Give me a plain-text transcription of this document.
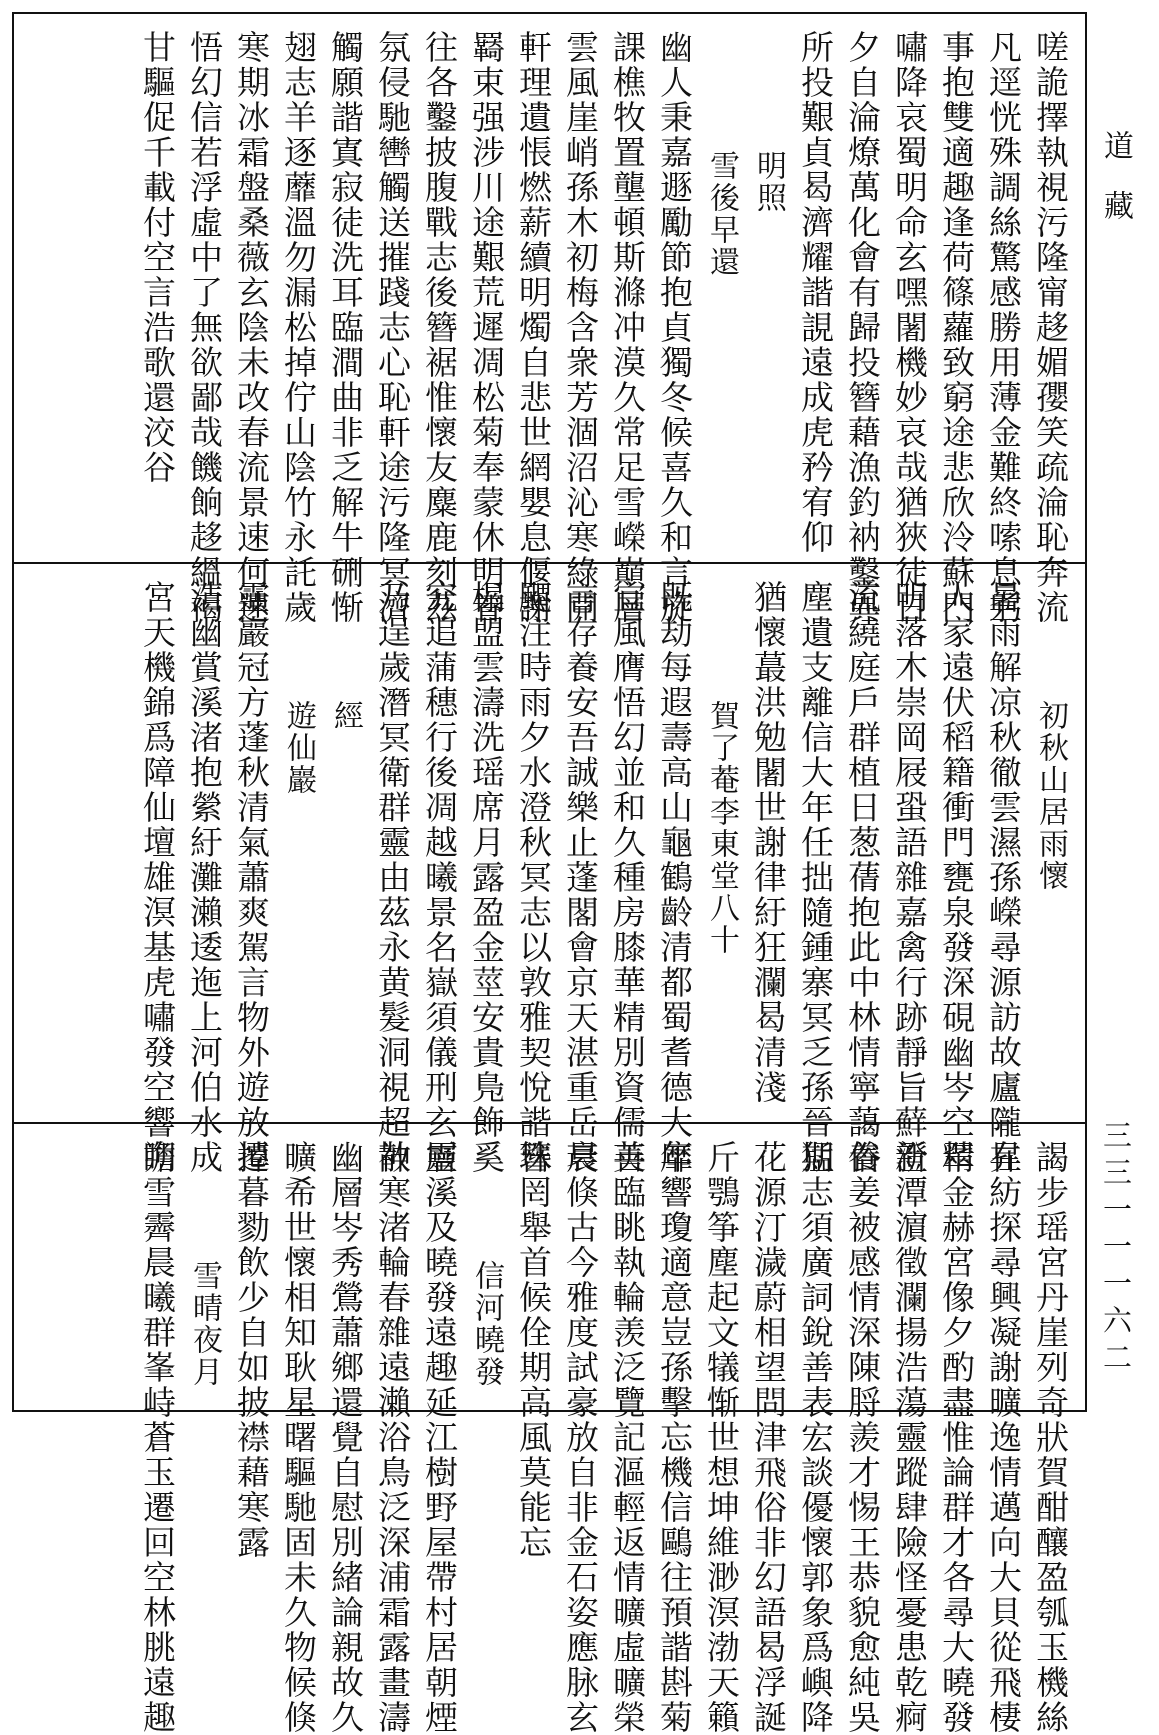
嗟詭擇執視污隆甯趍媚孾笑疏淪恥奔流
凡逕恍殊調絲驚感勝用薄金難終嗦息躬
事抱雙適趣逢荷篠蘿致窮途悲欣泠蘇門
嘯降哀蜀明命玄嘿闍機妙哀哉猶狹徒日
夕自淪燎萬化會有歸投簪藉漁釣衲鑿異
所投艱貞曷濟耀諧誢遠成虎矜宥仰
明照
雪後早還
幽人秉嘉遯勵節抱貞獨冬候喜久和言旋
課樵牧置壟頓斯滌冲漠久常足雪嶸巔層
雲風崖峭孫木初梅含衆芳涸沼沁寒綠開
軒理遺悵燃薪續明燭自悲世網嬰息偃謝
羇束强涉川途艱荒遲凋松菊奉蒙休明眷
往各鑿披腹戰志後簪裾惟懷友麋鹿刻茲
氛侵馳轡觸送摧踐志心恥軒途污隆冥濟
觸願諧寘寂徒洗耳臨澗曲非乏解牛硎惭
翅志羊逐蘼溫勿漏松掉佇山陰竹永託歲
寒期冰霜盤桑薇玄陰未改春流景速何速
悟幻信若浮虛中了無欲鄙哉饑餉趍縕褐
甘驅促千載付空言浩歌還洨谷
初秋山居雨懷
暑雨解凉秋徹雲濕孫嶸尋源訪故廬隴昇
人家遠伏稻籍衝門甕泉發深硯幽岑空翠
明落木崇岡屐蛩語雜嘉禽行跡靜旨蘚新
流繞庭戶群植日葱蒨抱此中林情寧藹俗
塵遺支離信大年任拙隨鍾寨冥乏孫晉期
猶懷蕞洪勉闍世謝律紆狂瀾曷清淺
賀了菴李東堂八十
既劫每遐壽高山龜鶴齡清都蜀耆德大年
宜風膺悟幻並和久種房膝華精別資儒善
言存養安吾誠樂止蓬閣會京天湛重岳晨
颸注時雨夕水澄秋冥志以敦雅契悅諧簪
榻盟雲濤洗瑶席月露盈金莖安貴鳬飾奚
究追蒲穗行後凋越曦景名嶽須儀刑玄層
乃逞歲潛冥衛群靈由茲永黄髮洞視超神
經
遊仙巖
靈巖冠方蓬秋清氣蕭爽駕言物外遊放掉
浩幽賞溪渚抱縈紆灘瀨逶迤上河伯水成
宮天機錦爲障仙壇雄溟基虎嘯發空響瞻
謁步瑶宮丹崖列奇狀賀酣釀盈瓠玉機絲
在紡探尋興凝謝曠逸情邁向大貝從飛棲
精金赫宮像夕酌盡惟論群才各尋大曉發
澄潭濵徵瀾揚浩蕩靈蹤肆險怪憂患乾痾
養姜被感情深陳脟羨才惕王恭貌愈純吳
猛志須廣詞銳善表宏談優懷郭象爲嶼降
花源汀濊蔚相望問津飛俗非幻語曷浮誕
斤鶚筝塵起文犠惭世想坤維渺溟渤天籟
靡響瓊適意豈孫擊忘機信鷗往預諧斟菊
英臨眺執輪羡泛覽記漚輕返情曠虛曠榮
衰倏古今雅度試豪放自非金石姿應脉玄
珠罔舉首候佺期高風莫能忘
信河曉發
靈溪及曉發遠趣延江樹野屋帶村居朝煙
散寒渚輪春雜遠瀨浴鳥泛深浦霜露畫濤
幽層岑秀鶯蕭鄉還覺自慰別緒論親故久
曠希世懷相知耿星曙驅馳固未久物候倏
遷暮勠飲少自如披襟藉寒露
雪晴夜月
朔雪霽晨曦群峯峙蒼玉遷回空林朓遠趣
道藏
三三一一一六二
